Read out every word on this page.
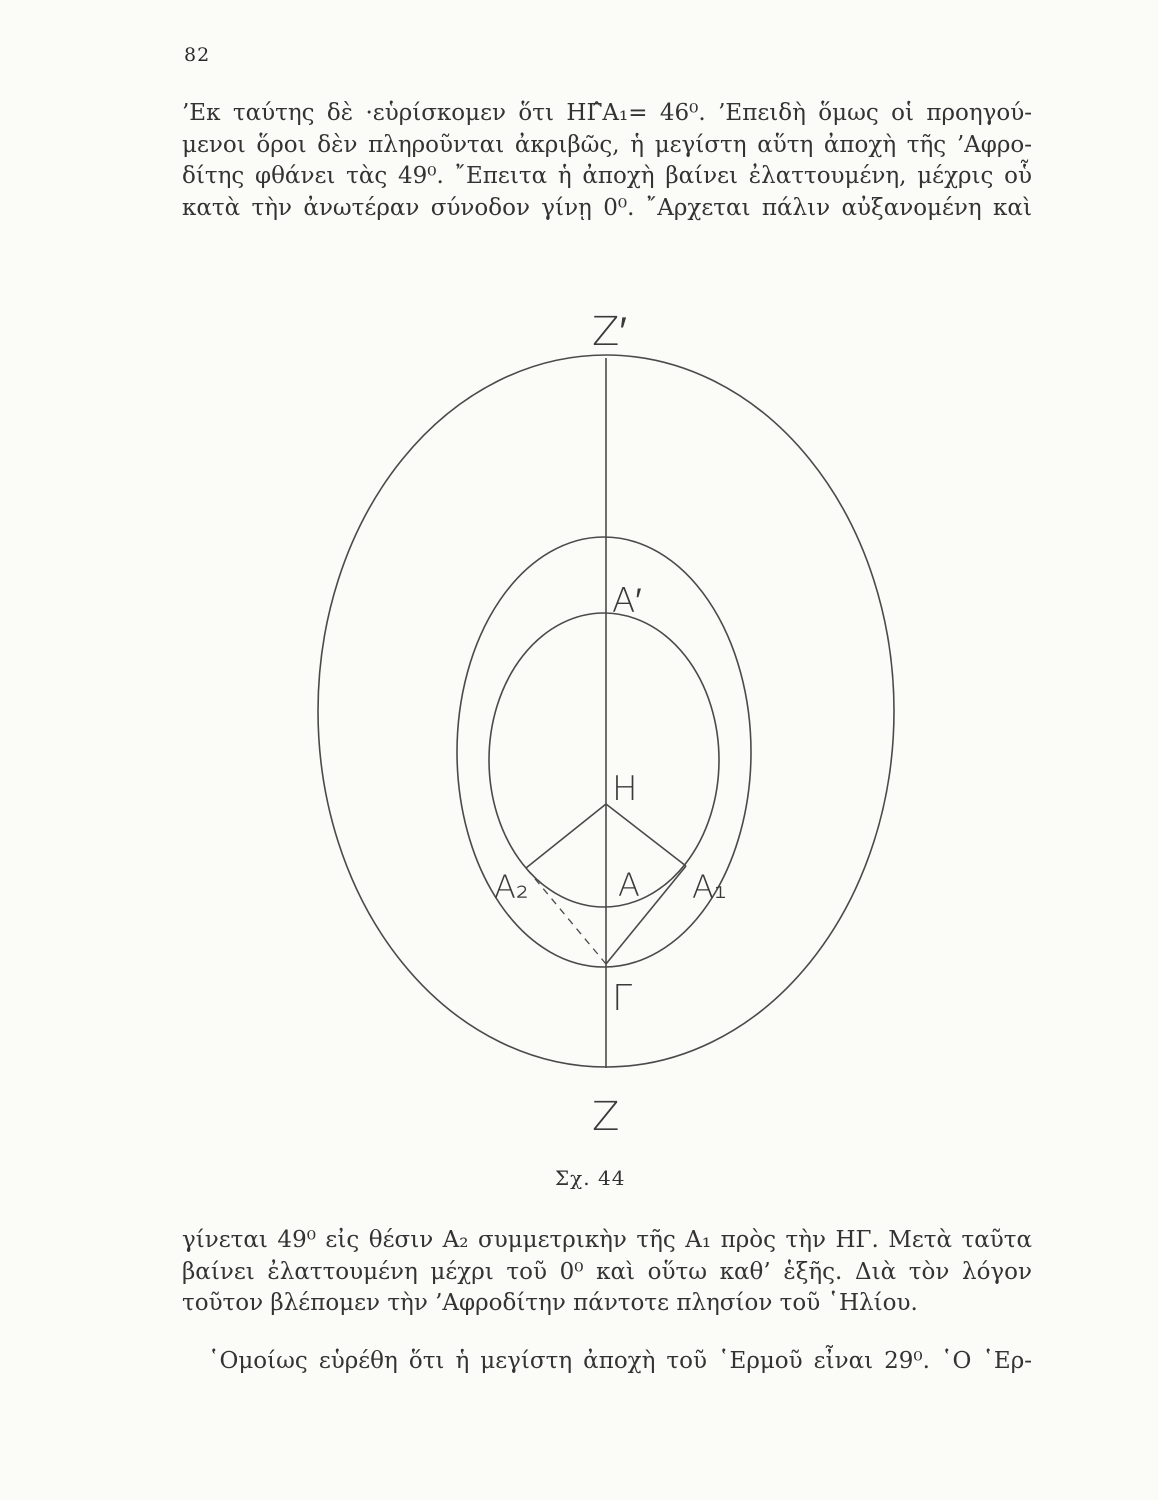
82

’Εκ ταύτης δὲ ·εὑρίσκομεν ὅτι ΗΓ̂Α₁= 46⁰. ’Επειδὴ ὅμως οἱ προηγού-
μενοι ὅροι δὲν πληροῦνται ἀκριβῶς, ἡ μεγίστη αὕτη ἀποχὴ τῆς ’Αφρο-
δίτης φθάνει τὰς 49⁰. ῎Επειτα ἡ ἀποχὴ βαίνει ἐλαττουμένη, μέχρις οὗ
κατὰ τὴν ἀνωτέραν σύνοδον γίνῃ 0⁰. ῎Αρχεται πάλιν αὐξανομένη καὶ

Z′
A′
H
A₂	A A₁
Γ
Z
Σχ. 44

γίνεται 49⁰ εἰς θέσιν Α₂ συμμετρικὴν τῆς Α₁ πρὸς τὴν ΗΓ. Μετὰ ταῦτα
βαίνει ἐλαττουμένη μέχρι τοῦ 0⁰ καὶ οὕτω καθ’ ἑξῆς. Διὰ τὸν λόγον
τοῦτον βλέπομεν τὴν ’Αφροδίτην πάντοτε πλησίον τοῦ ῾Ηλίου.

῾Ομοίως εὑρέθη ὅτι ἡ μεγίστη ἀποχὴ τοῦ ῾Ερμοῦ εἶναι 29⁰. ῾Ο ῾Ερ-
